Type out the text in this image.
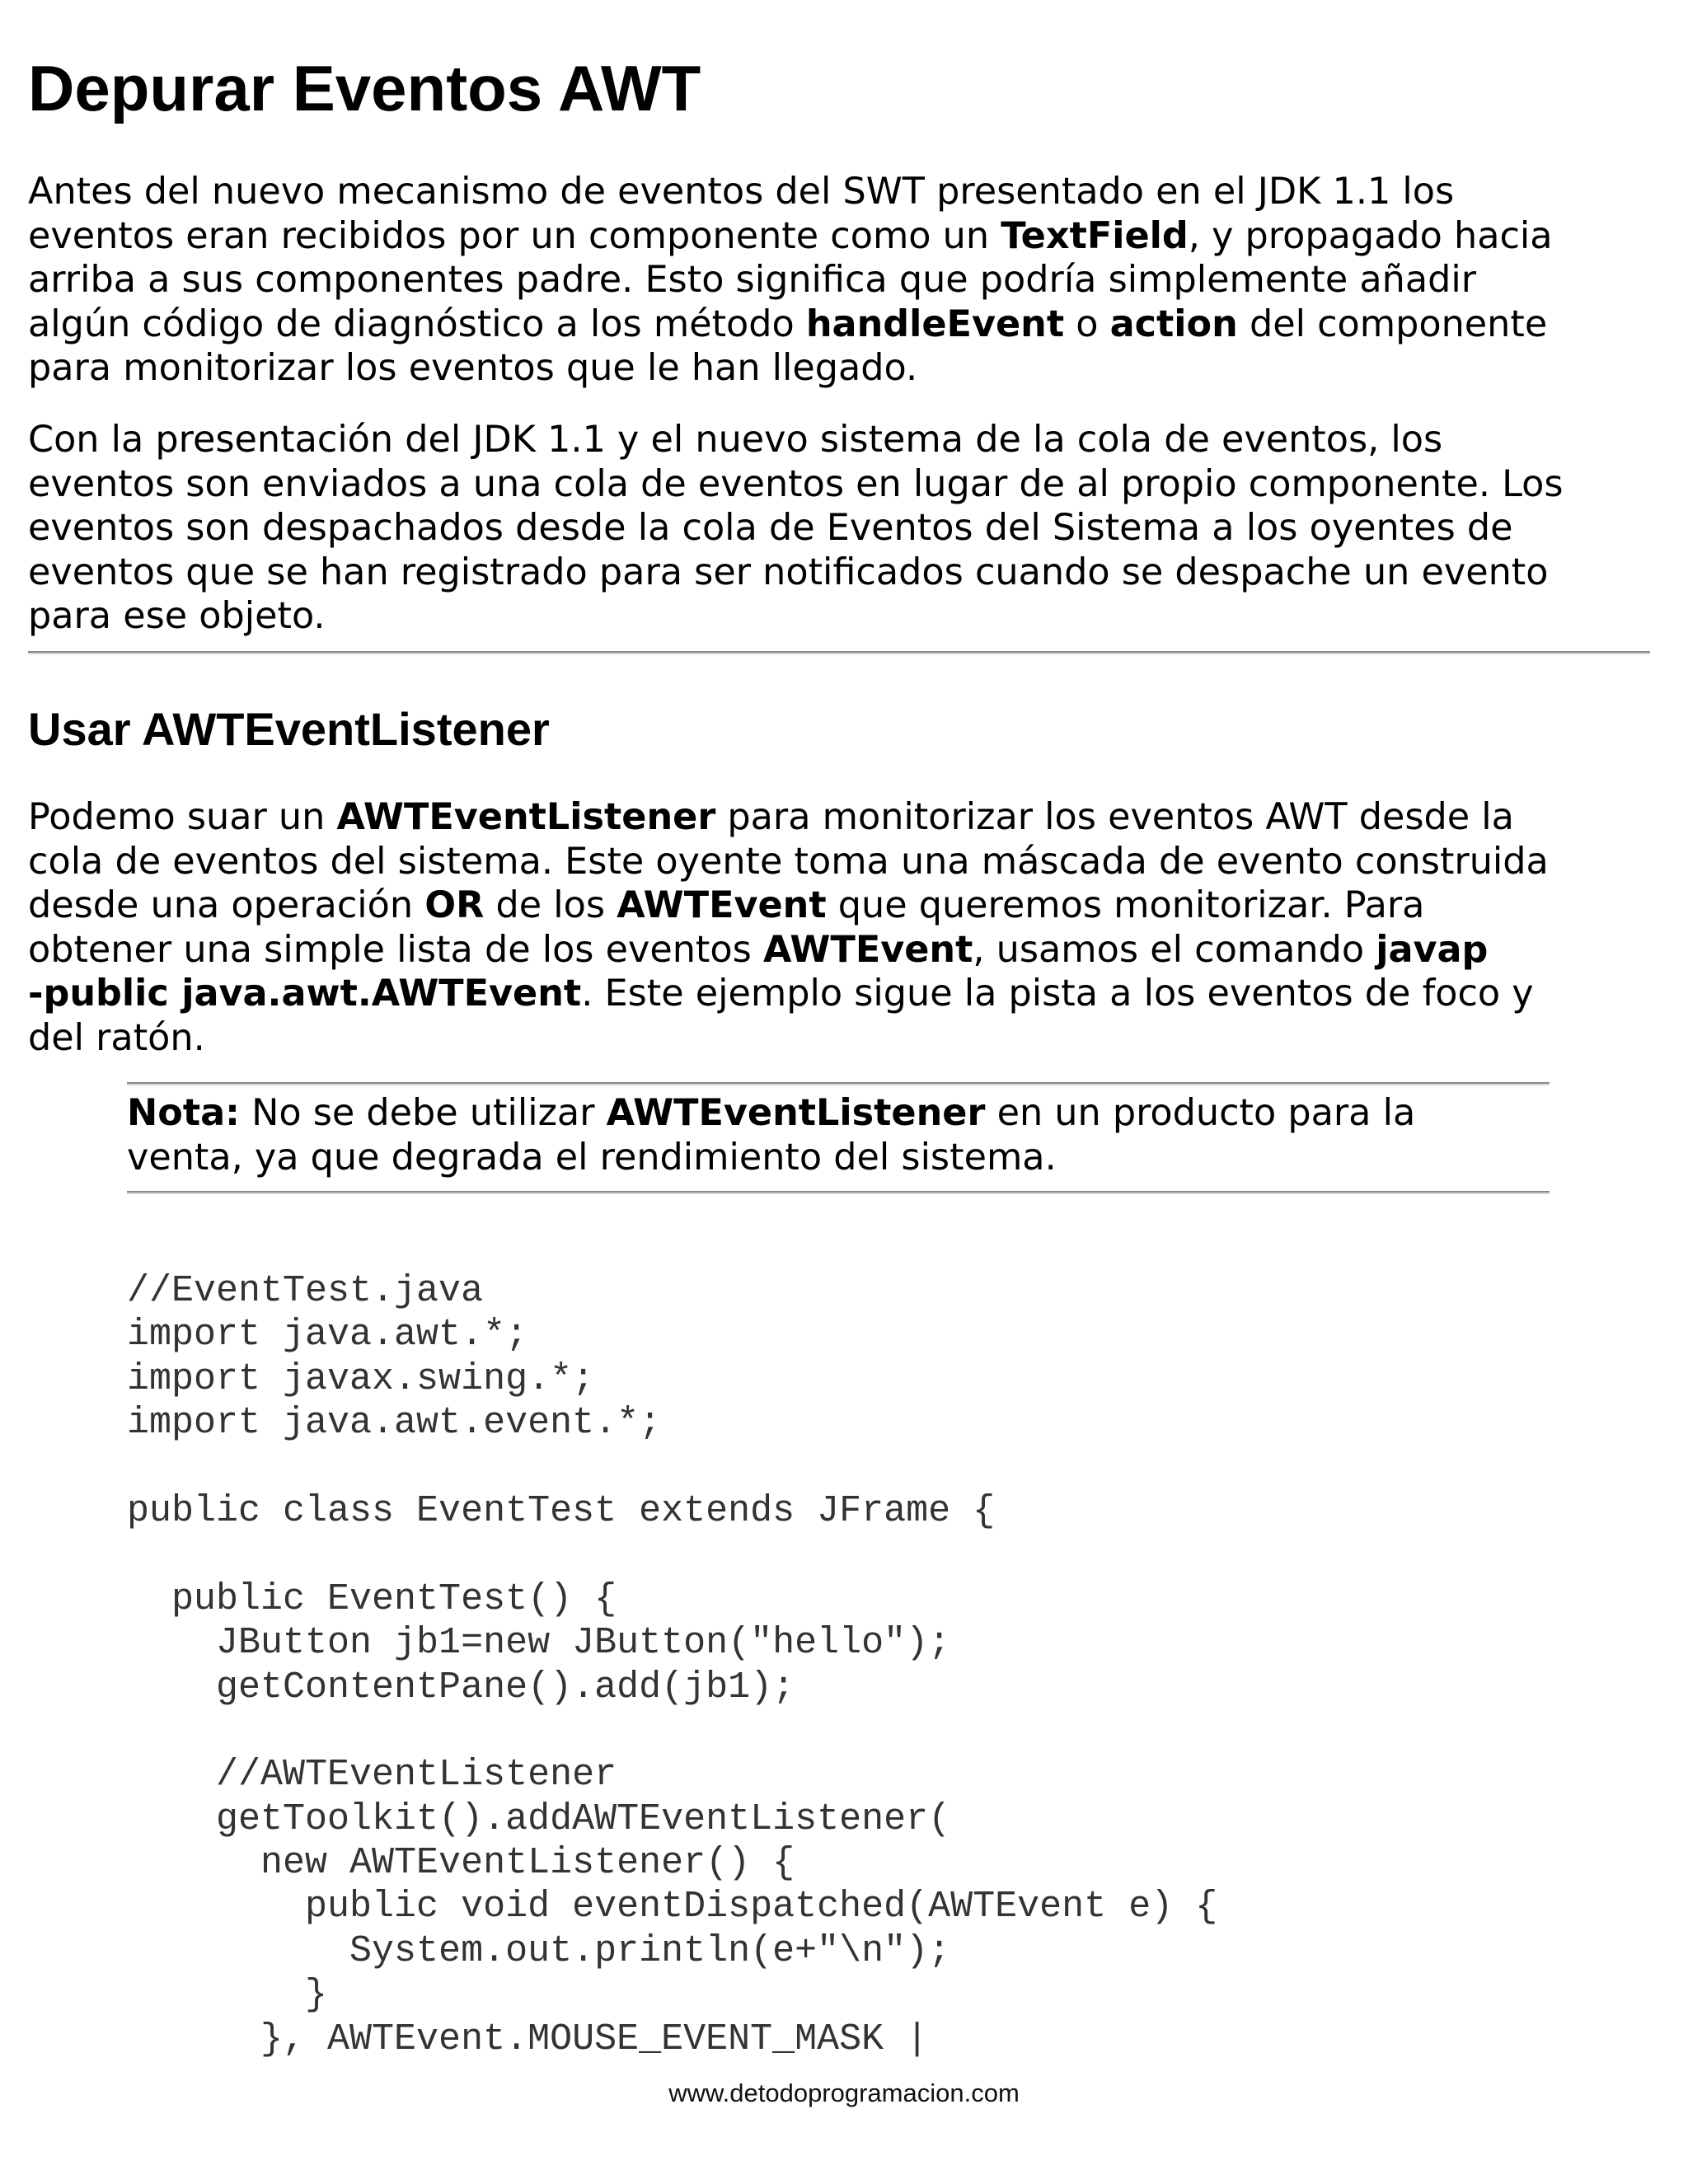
Depurar Eventos AWT

Antes del nuevo mecanismo de eventos del SWT presentado en el JDK 1.1 los
eventos eran recibidos por un componente como un TextField, y propagado hacia
arriba a sus componentes padre. Esto significa que podría simplemente añadir
algún código de diagnóstico a los método handleEvent o action del componente
para monitorizar los eventos que le han llegado.

Con la presentación del JDK 1.1 y el nuevo sistema de la cola de eventos, los
eventos son enviados a una cola de eventos en lugar de al propio componente. Los
eventos son despachados desde la cola de Eventos del Sistema a los oyentes de
eventos que se han registrado para ser notificados cuando se despache un evento
para ese objeto.

Usar AWTEventListener

Podemo suar un AWTEventListener para monitorizar los eventos AWT desde la
cola de eventos del sistema. Este oyente toma una máscada de evento construida
desde una operación OR de los AWTEvent que queremos monitorizar. Para
obtener una simple lista de los eventos AWTEvent, usamos el comando javap
-public java.awt.AWTEvent. Este ejemplo sigue la pista a los eventos de foco y
del ratón.

Nota: No se debe utilizar AWTEventListener en un producto para la
venta, ya que degrada el rendimiento del sistema.
//EventTest.java
import java.awt.*;
import javax.swing.*;
import java.awt.event.*;
public class EventTest extends JFrame {
public EventTest() {
JButton jb1=new JButton("hello");
getContentPane().add(jb1);
//AWTEventListener
getToolkit().addAWTEventListener(
new AWTEventListener() {
public void eventDispatched(AWTEvent e) {
System.out.println(e+"\n");
}
}, AWTEvent.MOUSE_EVENT_MASK |
www.detodoprogramacion.com
